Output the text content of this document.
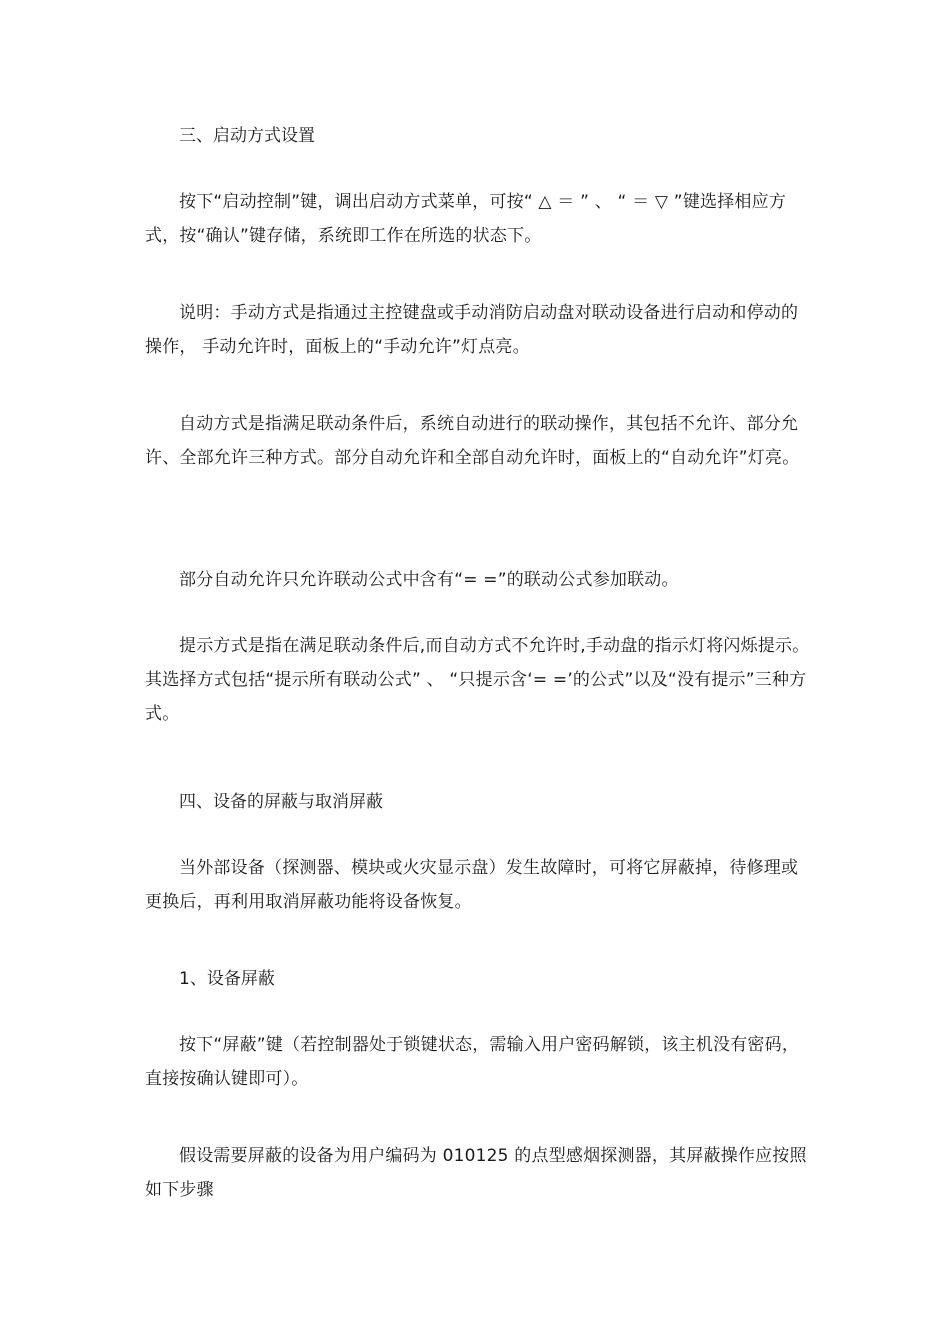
三、启动方式设置

按下“启动控制”键，调出启动方式菜单，可按“ △ ＝ ” 、 “ ＝ ▽ ”键选择相应方式，按“确认”键存储，系统即工作在所选的状态下。

说明：手动方式是指通过主控键盘或手动消防启动盘对联动设备进行启动和停动的操作， 手动允许时，面板上的“手动允许”灯点亮。

自动方式是指满足联动条件后，系统自动进行的联动操作，其包括不允许、部分允许、全部允许三种方式。部分自动允许和全部自动允许时，面板上的“自动允许”灯亮。

部分自动允许只允许联动公式中含有“= =”的联动公式参加联动。

提示方式是指在满足联动条件后,而自动方式不允许时,手动盘的指示灯将闪烁提示。其选择方式包括“提示所有联动公式” 、 “只提示含‘= =’的公式”以及“没有提示”三种方式。

四、设备的屏蔽与取消屏蔽

当外部设备（探测器、模块或火灾显示盘）发生故障时，可将它屏蔽掉，待修理或更换后，再利用取消屏蔽功能将设备恢复。

1、设备屏蔽

按下“屏蔽”键（若控制器处于锁键状态，需输入用户密码解锁，该主机没有密码，直接按确认键即可）。

假设需要屏蔽的设备为用户编码为 010125 的点型感烟探测器，其屏蔽操作应按照如下步骤
